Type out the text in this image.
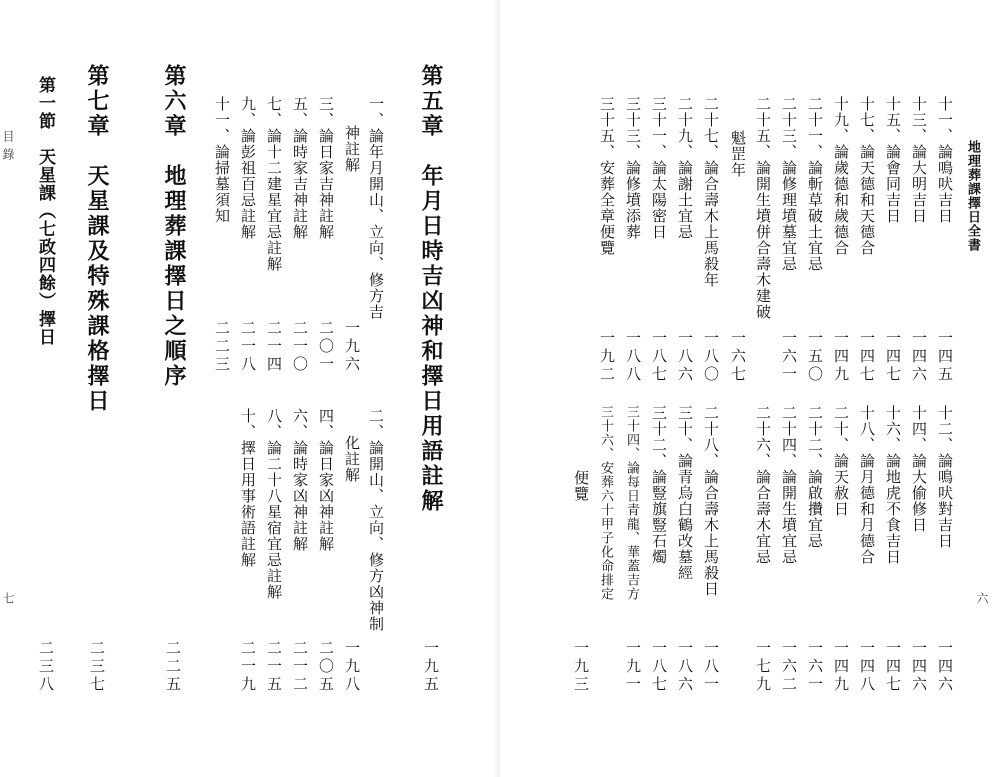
地理葬課擇日全書
六
十一、論鳴吠吉日
十三、論大明吉日
十五、論會同吉日
十七、論天德和天德合
十九、論歲德和歲德合
二十一、論斬草破土宜忌
二十三、論修理墳墓宜忌
二十五、論開生墳併合壽木建破
魁罡年
二十七、論合壽木上馬殺年
二十九、論謝土宜忌
三十一、論太陽密日
三十三、論修墳添葬
三十五、安葬全章便覽
一四五
一四六
一四七
一四七
一四九
一五〇
一六一
一六七
一八〇
一八六
一八七
一八八
一九二
十二、論鳴吠對吉日
十四、論大偷修日
十六、論地虎不食吉日
十八、論月德和月德合
二十、論天赦日
二十二、論啟攢宜忌
二十四、論開生墳宜忌
二十六、論合壽木宜忌
二十八、論合壽木上馬殺日
三十、論青烏白鶴改墓經
三十二、論豎旗豎石燭
三十四、論每日青龍、華蓋吉方
三十六、安葬六十甲子化命排定
便覽
一四六
一四六
一四七
一四八
一四九
一六一
一六二
一七九
一八一
一八六
一八七
一九一
一九三
第五章　年月日時吉凶神和擇日用語註解
一九五
一、論年月開山、立向、修方吉
神註解
三、論日家吉神註解
五、論時家吉神註解
七、論十二建星宜忌註解
九、論彭祖百忌註解
十一、論掃墓須知
一九六
二〇一
二一〇
二一四
二一八
二二三
二、論開山、立向、修方凶神制
化註解
四、論日家凶神註解
六、論時家凶神註解
八、論二十八星宿宜忌註解
十、擇日用事術語註解
一九八
二〇五
二一二
二一五
二一九
第六章　地理葬課擇日之順序
二二五
第七章　天星課及特殊課格擇日
二三七
第一節　天星課（七政四餘）擇日
二三八
目 錄
七
